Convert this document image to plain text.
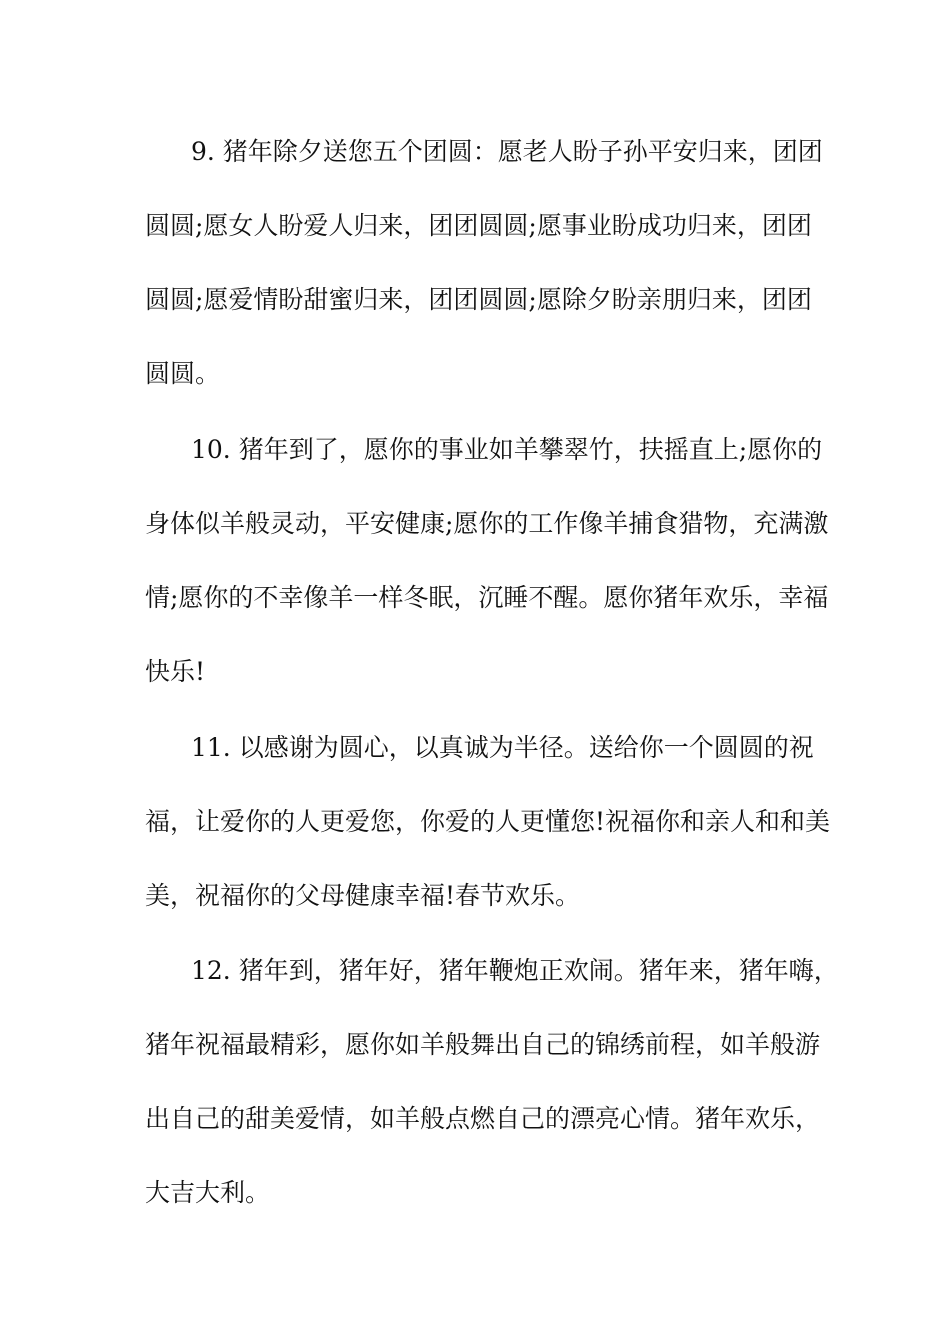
9. 猪年除夕送您五个团圆：愿老人盼子孙平安归来，团团
圆圆;愿女人盼爱人归来，团团圆圆;愿事业盼成功归来，团团
圆圆;愿爱情盼甜蜜归来，团团圆圆;愿除夕盼亲朋归来，团团
圆圆。
10. 猪年到了，愿你的事业如羊攀翠竹，扶摇直上;愿你的
身体似羊般灵动，平安健康;愿你的工作像羊捕食猎物，充满激
情;愿你的不幸像羊一样冬眠，沉睡不醒。愿你猪年欢乐，幸福
快乐!
11. 以感谢为圆心，以真诚为半径。送给你一个圆圆的祝
福，让爱你的人更爱您，你爱的人更懂您!祝福你和亲人和和美
美，祝福你的父母健康幸福!春节欢乐。
12. 猪年到，猪年好，猪年鞭炮正欢闹。猪年来，猪年嗨，
猪年祝福最精彩，愿你如羊般舞出自己的锦绣前程，如羊般游
出自己的甜美爱情，如羊般点燃自己的漂亮心情。猪年欢乐，
大吉大利。
